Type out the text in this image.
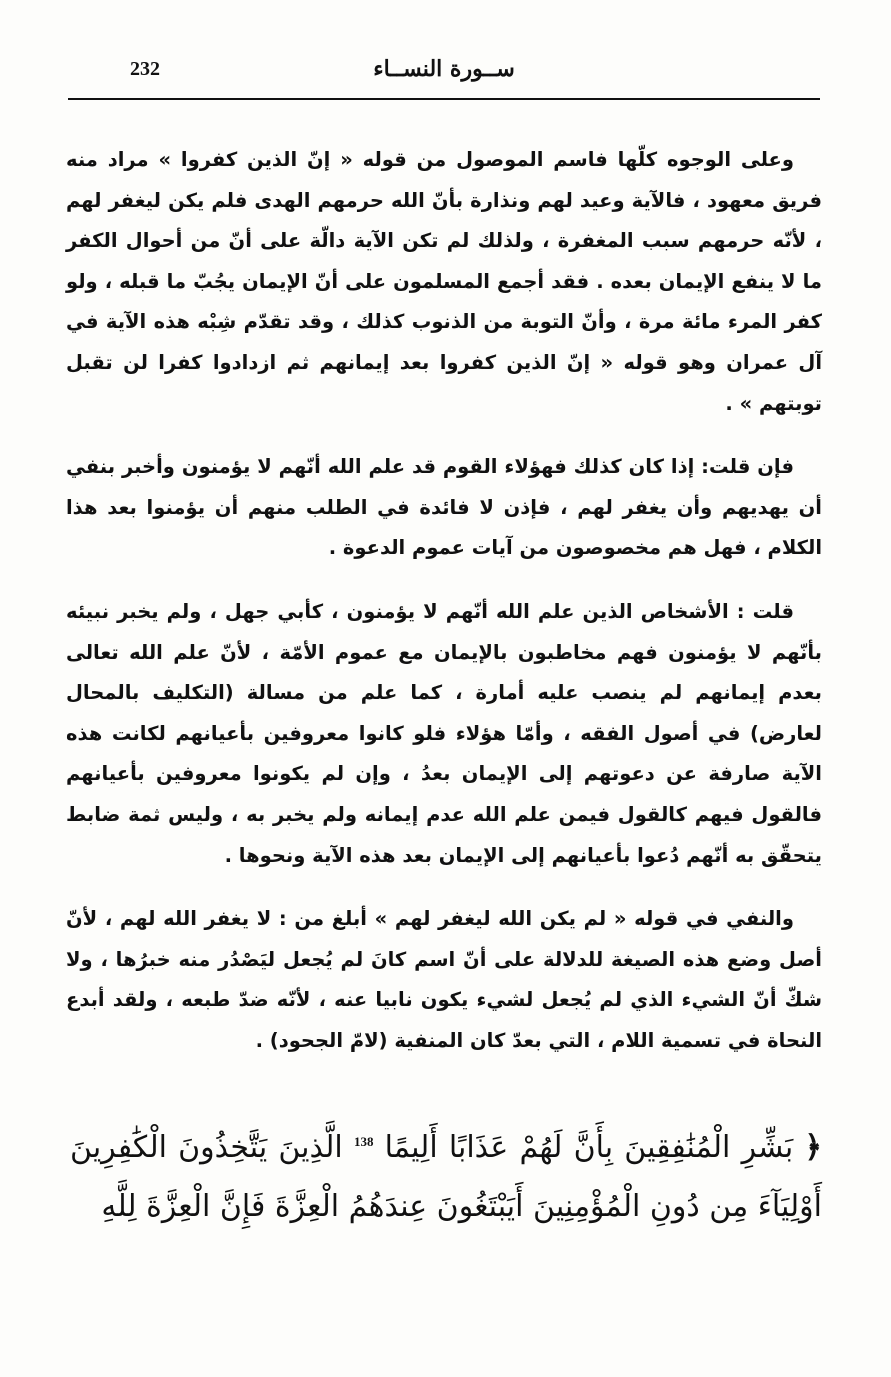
232	ســورة النســاء

وعلى الوجوه كلّها فاسم الموصول من قوله « إنّ الذين كفروا » مراد منه فريق معهود ، فالآية وعيد لهم ونذارة بأنّ الله حرمهم الهدى فلم يكن ليغفر لهم ، لأنّه حرمهم سبب المغفرة ، ولذلك لم تكن الآية دالّة على أنّ من أحوال الكفر ما لا ينفع الإيمان بعده . فقد أجمع المسلمون على أنّ الإيمان يجُبّ ما قبله ، ولو كفر المرء مائة مرة ، وأنّ التوبة من الذنوب كذلك ، وقد تقدّم شِبْه هذه الآية في آل عمران وهو قوله « إنّ الذين كفروا بعد إيمانهم ثم ازدادوا كفرا لن تقبل توبتهم » .

فإن قلت: إذا كان كذلك فهؤلاء القوم قد علم الله أنّهم لا يؤمنون وأخبر بنفي أن يهديهم وأن يغفر لهم ، فإذن لا فائدة في الطلب منهم أن يؤمنوا بعد هذا الكلام ، فهل هم مخصوصون من آيات عموم الدعوة .

قلت : الأشخاص الذين علم الله أنّهم لا يؤمنون ، كأبي جهل ، ولم يخبر نبيئه بأنّهم لا يؤمنون فهم مخاطبون بالإيمان مع عموم الأمّة ، لأنّ علم الله تعالى بعدم إيمانهم لم ينصب عليه أمارة ، كما علم من مسالة (التكليف بالمحال لعارض) في أصول الفقه ، وأمّا هؤلاء فلو كانوا معروفين بأعيانهم لكانت هذه الآية صارفة عن دعوتهم إلى الإيمان بعدُ ، وإن لم يكونوا معروفين بأعيانهم فالقول فيهم كالقول فيمن علم الله عدم إيمانه ولم يخبر به ، وليس ثمة ضابط يتحقّق به أنّهم دُعوا بأعيانهم إلى الإيمان بعد هذه الآية ونحوها .

والنفي في قوله « لم يكن الله ليغفر لهم » أبلغ من : لا يغفر الله لهم ، لأنّ أصل وضع هذه الصيغة للدلالة على أنّ اسم كانَ لم يُجعل ليَصْدُر منه خبرُها ، ولا شكّ أنّ الشيء الذي لم يُجعل لشيء يكون نابيا عنه ، لأنّه ضدّ طبعه ، ولقد أبدع النحاة في تسمية اللام ، التي بعدّ كان المنفية (لامّ الجحود) .

﴿ بَشِّرِ الْمُنَٰفِقِينَ بِأَنَّ لَهُمْ عَذَابًا أَلِيمًا $^{138}$ الَّذِينَ يَتَّخِذُونَ الْكَٰفِرِينَ أَوْلِيَآءَ مِن دُونِ الْمُؤْمِنِينَ أَيَبْتَغُونَ عِندَهُمُ الْعِزَّةَ فَإِنَّ الْعِزَّةَ لِلَّهِ
